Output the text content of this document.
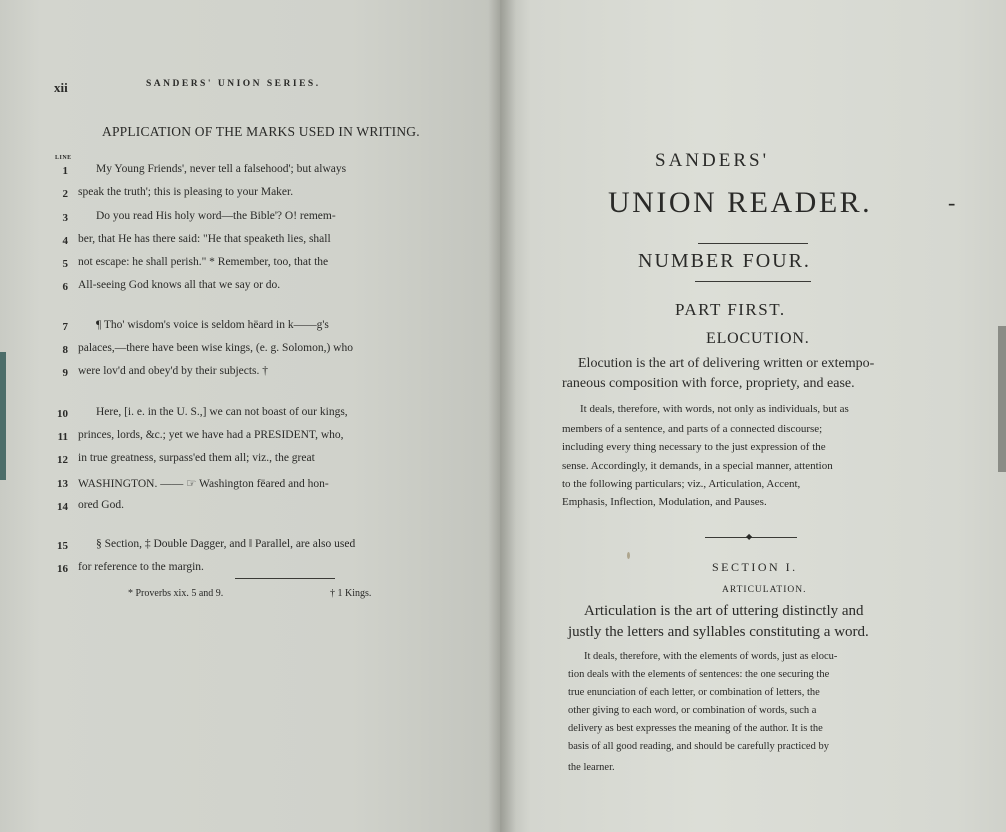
xii	SANDERS' UNION SERIES.
APPLICATION OF THE MARKS USED IN WRITING.
LINE
1 My Young Friends', never tell a falsehood'; but always
2 speak the truth'; this is pleasing to your Maker.
3 Do you read His holy word—the Bible'? O! remem-
4 ber, that He has there said: "He that speaketh lies, shall
5 not escape: he shall perish." * Remember, too, that the
6 All-seeing God knows all that we say or do.
7 ¶ Tho' wisdom's voice is seldom hëard in k——g's
8 palaces,—there have been wise kings, (e. g. Solomon,) who
9 were lov'd and obey'd by their subjects. †
10 Here, [i. e. in the U. S.,] we can not boast of our kings,
11 princes, lords, &c.; yet we have had a PRESIDENT, who,
12 in true greatness, surpass'ed them all; viz., the great
13 WASHINGTON. —— ☞ Washington fëared and hon-
14 ored God.
15 § Section, ‡ Double Dagger, and ‖ Parallel, are also used
16 for reference to the margin.
* Proverbs xix. 5 and 9.	† 1 Kings.
SANDERS'
UNION READER.	-
NUMBER FOUR.
PART FIRST.
ELOCUTION.
Elocution is the art of delivering written or extempo-
raneous composition with force, propriety, and ease.
It deals, therefore, with words, not only as individuals, but as
members of a sentence, and parts of a connected discourse;
including every thing necessary to the just expression of the
sense. Accordingly, it demands, in a special manner, attention
to the following particulars; viz., Articulation, Accent,
Emphasis, Inflection, Modulation, and Pauses.
◆
SECTION I.
ARTICULATION.
Articulation is the art of uttering distinctly and
justly the letters and syllables constituting a word.
It deals, therefore, with the elements of words, just as elocu-
tion deals with the elements of sentences: the one securing the
true enunciation of each letter, or combination of letters, the
other giving to each word, or combination of words, such a
delivery as best expresses the meaning of the author. It is the
basis of all good reading, and should be carefully practiced by
the learner.
